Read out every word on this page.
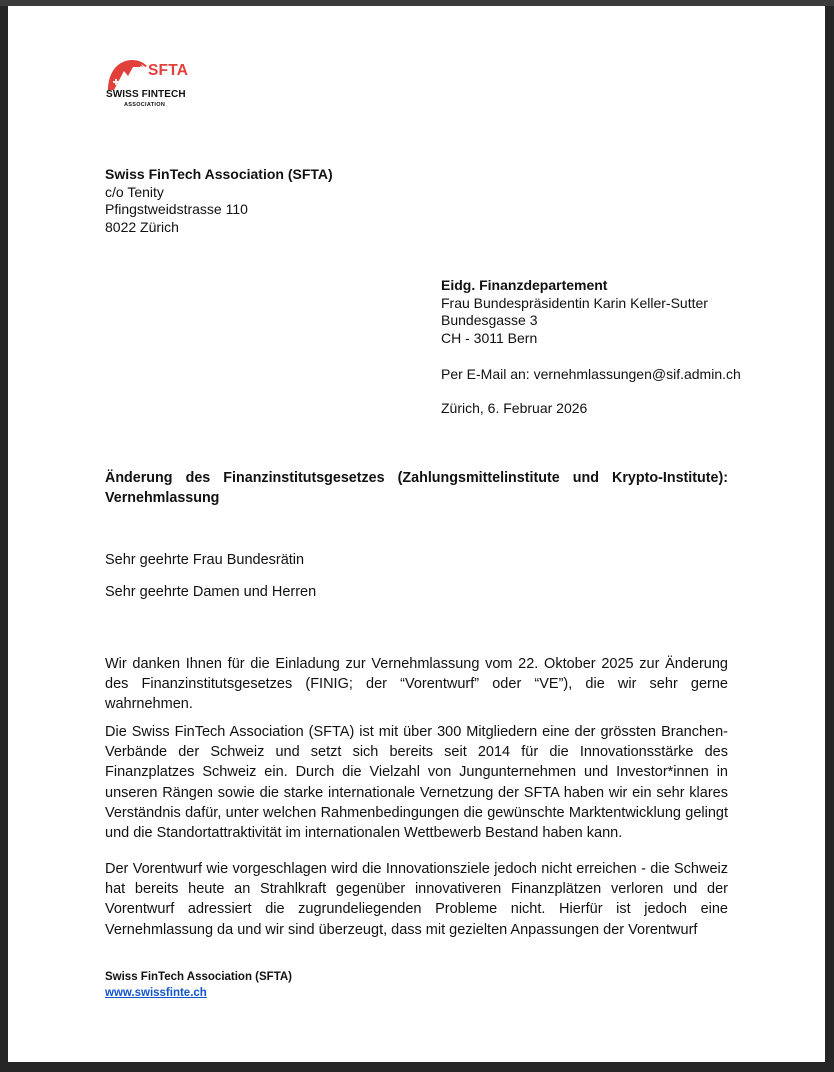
SFTA
SWISS FINTECH
ASSOCIATION
Swiss FinTech Association (SFTA)
c/o Tenity
Pfingstweidstrasse 110
8022 Zürich
Eidg. Finanzdepartement
Frau Bundespräsidentin Karin Keller-Sutter
Bundesgasse 3
CH - 3011 Bern
Per E-Mail an: vernehmlassungen@sif.admin.ch
Zürich, 6. Februar 2026
Änderung des Finanzinstitutsgesetzes (Zahlungsmittelinstitute und Krypto-Institute): Vernehmlassung
Sehr geehrte Frau Bundesrätin
Sehr geehrte Damen und Herren
Wir danken Ihnen für die Einladung zur Vernehmlassung vom 22. Oktober 2025 zur Änderung des Finanzinstitutsgesetzes (FINIG; der “Vorentwurf” oder “VE”), die wir sehr gerne wahrnehmen.
Die Swiss FinTech Association (SFTA) ist mit über 300 Mitgliedern eine der grössten Branchen-Verbände der Schweiz und setzt sich bereits seit 2014 für die Innovationsstärke des Finanzplatzes Schweiz ein. Durch die Vielzahl von Jungunternehmen und Investor*innen in unseren Rängen sowie die starke internationale Vernetzung der SFTA haben wir ein sehr klares Verständnis dafür, unter welchen Rahmenbedingungen die gewünschte Marktentwicklung gelingt und die Standortattraktivität im internationalen Wettbewerb Bestand haben kann.
Der Vorentwurf wie vorgeschlagen wird die Innovationsziele jedoch nicht erreichen - die Schweiz hat bereits heute an Strahlkraft gegenüber innovativeren Finanzplätzen verloren und der Vorentwurf adressiert die zugrundeliegenden Probleme nicht. Hierfür ist jedoch eine Vernehmlassung da und wir sind überzeugt, dass mit gezielten Anpassungen der Vorentwurf
Swiss FinTech Association (SFTA)
www.swissfinte.ch
